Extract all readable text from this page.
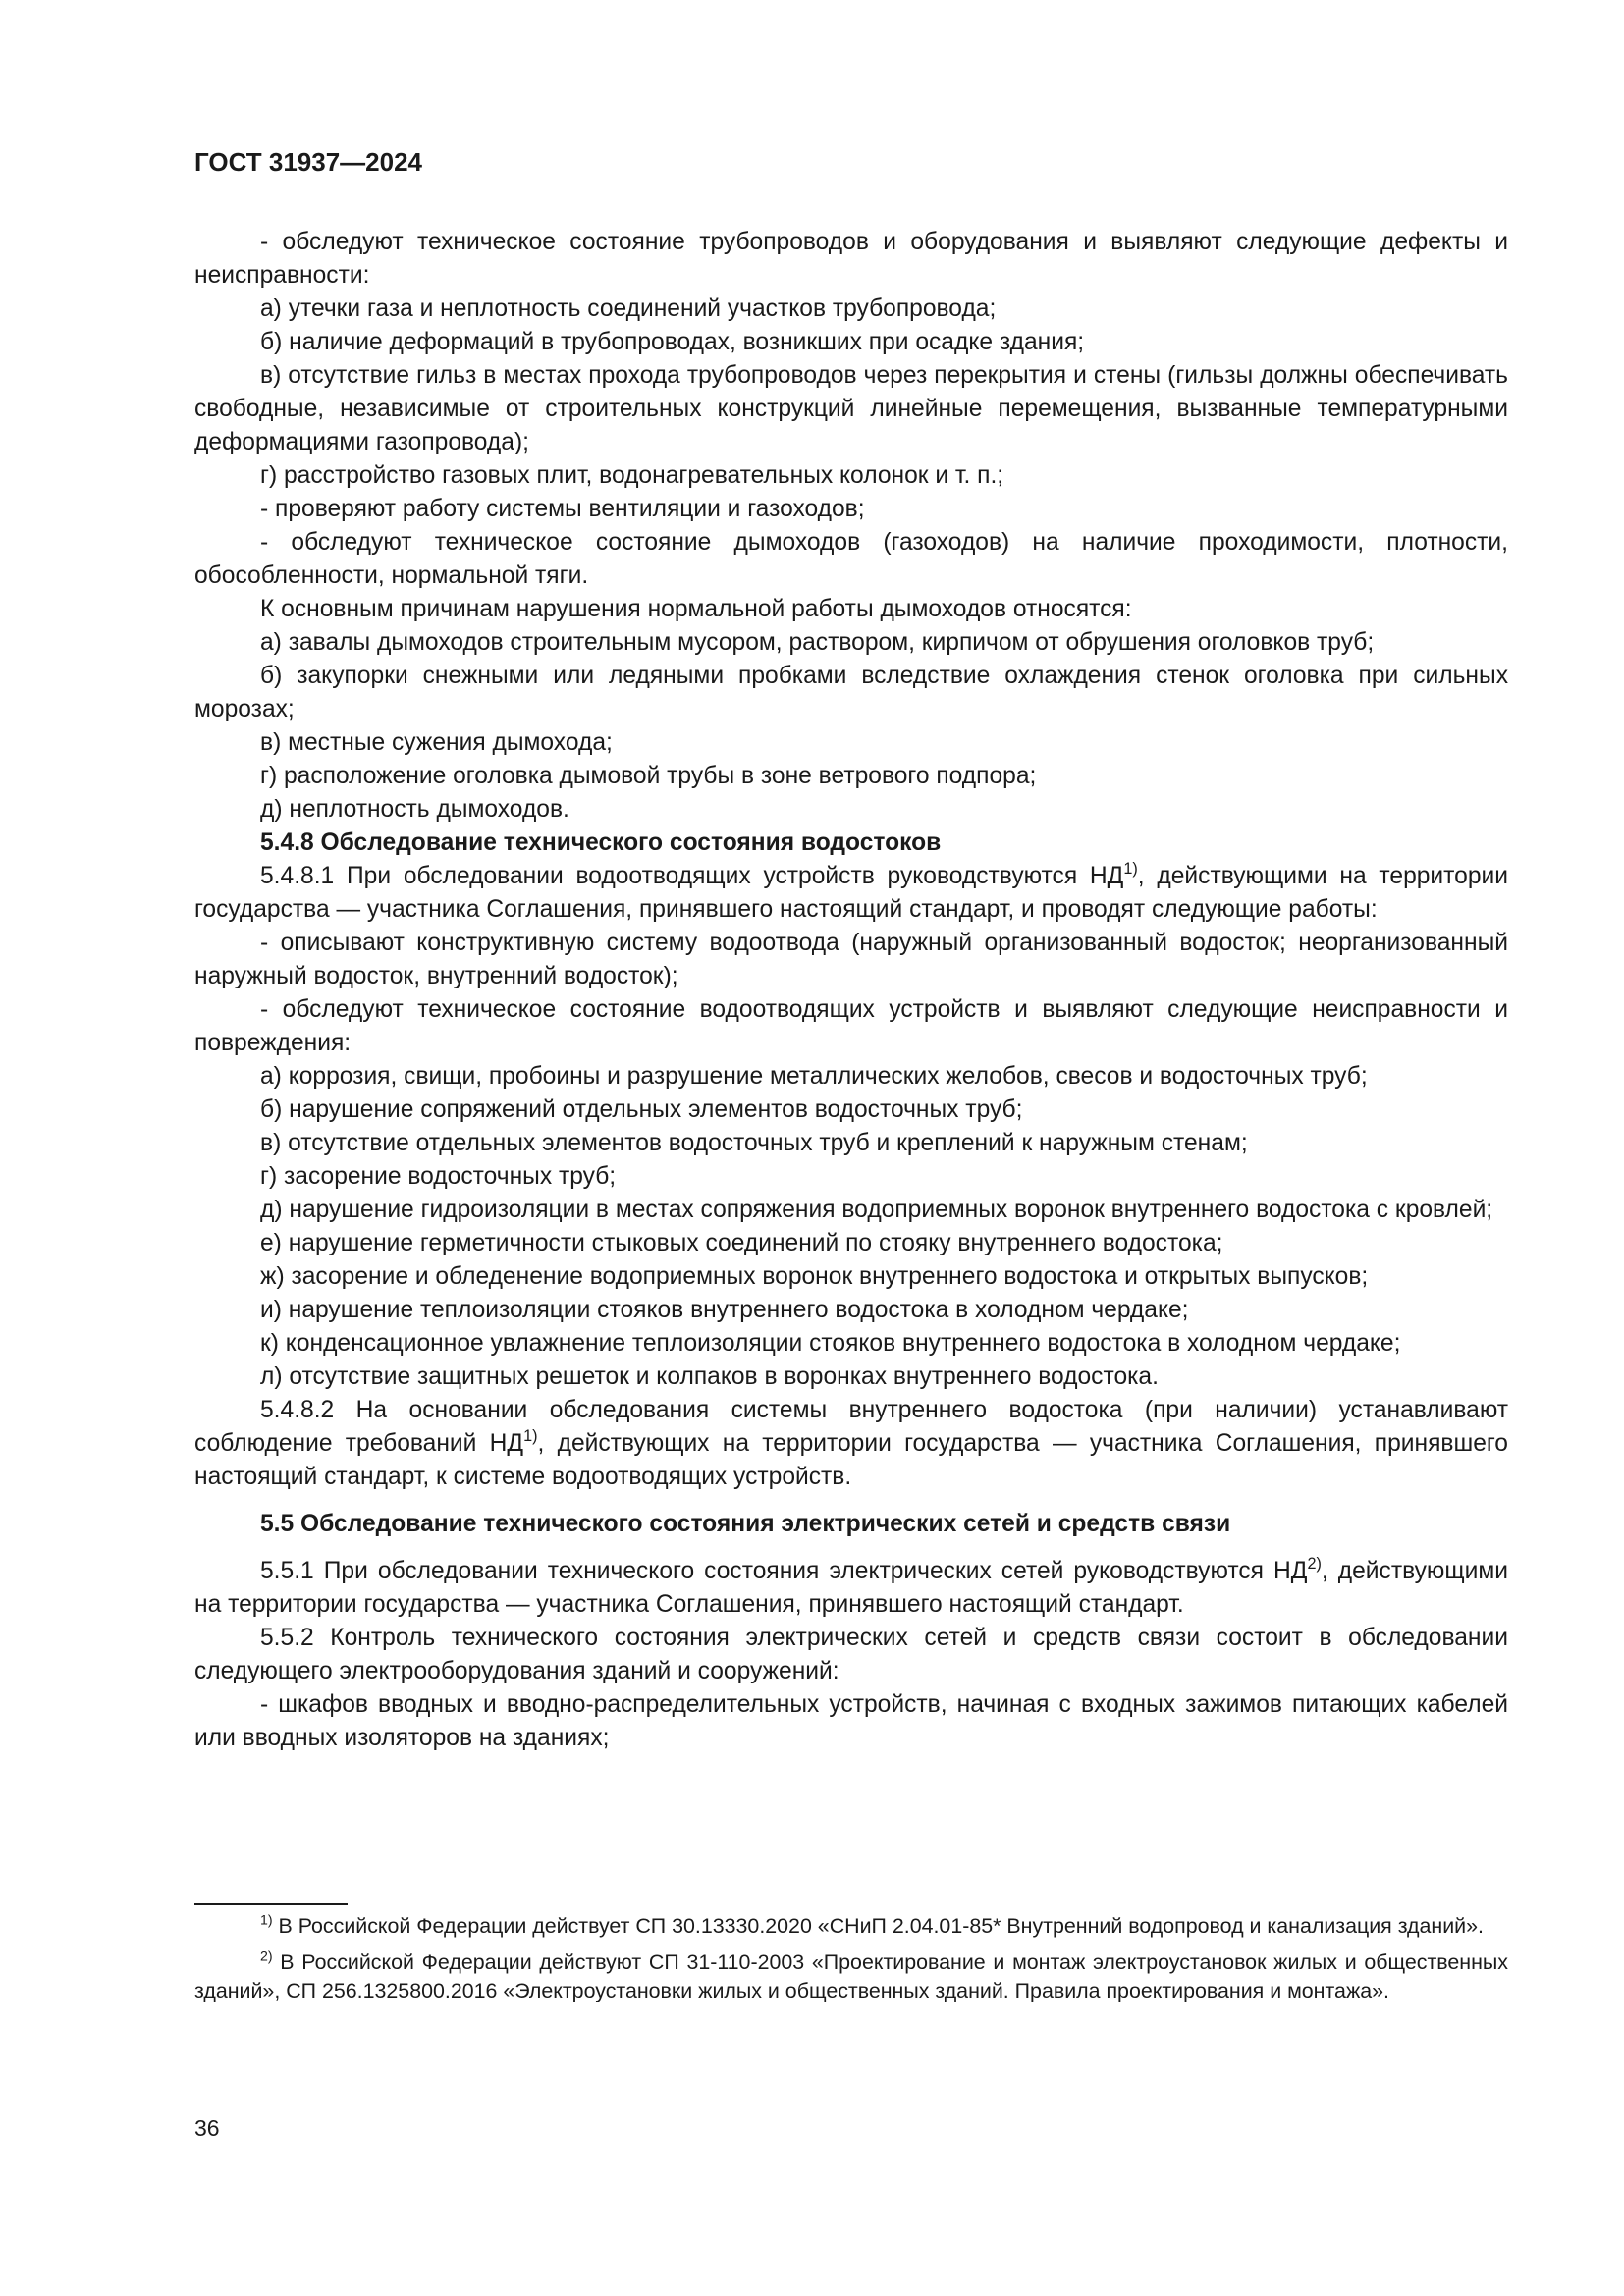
ГОСТ 31937—2024

- обследуют техническое состояние трубопроводов и оборудования и выявляют следующие дефекты и неисправности:

а) утечки газа и неплотность соединений участков трубопровода;

б) наличие деформаций в трубопроводах, возникших при осадке здания;

в) отсутствие гильз в местах прохода трубопроводов через перекрытия и стены (гильзы должны обеспечивать свободные, независимые от строительных конструкций линейные перемещения, вызванные температурными деформациями газопровода);

г) расстройство газовых плит, водонагревательных колонок и т. п.;

- проверяют работу системы вентиляции и газоходов;

- обследуют техническое состояние дымоходов (газоходов) на наличие проходимости, плотности, обособленности, нормальной тяги.

К основным причинам нарушения нормальной работы дымоходов относятся:

а) завалы дымоходов строительным мусором, раствором, кирпичом от обрушения оголовков труб;

б) закупорки снежными или ледяными пробками вследствие охлаждения стенок оголовка при сильных морозах;

в) местные сужения дымохода;

г) расположение оголовка дымовой трубы в зоне ветрового подпора;

д) неплотность дымоходов.

5.4.8 Обследование технического состояния водостоков

5.4.8.1 При обследовании водоотводящих устройств руководствуются НД$^{1)}$, действующими на территории государства — участника Соглашения, принявшего настоящий стандарт, и проводят следующие работы:

- описывают конструктивную систему водоотвода (наружный организованный водосток; неорганизованный наружный водосток, внутренний водосток);

- обследуют техническое состояние водоотводящих устройств и выявляют следующие неисправности и повреждения:

а) коррозия, свищи, пробоины и разрушение металлических желобов, свесов и водосточных труб;

б) нарушение сопряжений отдельных элементов водосточных труб;

в) отсутствие отдельных элементов водосточных труб и креплений к наружным стенам;

г) засорение водосточных труб;

д) нарушение гидроизоляции в местах сопряжения водоприемных воронок внутреннего водостока с кровлей;

е) нарушение герметичности стыковых соединений по стояку внутреннего водостока;

ж) засорение и обледенение водоприемных воронок внутреннего водостока и открытых выпусков;

и) нарушение теплоизоляции стояков внутреннего водостока в холодном чердаке;

к) конденсационное увлажнение теплоизоляции стояков внутреннего водостока в холодном чердаке;

л) отсутствие защитных решеток и колпаков в воронках внутреннего водостока.

5.4.8.2 На основании обследования системы внутреннего водостока (при наличии) устанавливают соблюдение требований НД$^{1)}$, действующих на территории государства — участника Соглашения, принявшего настоящий стандарт, к системе водоотводящих устройств.

5.5 Обследование технического состояния электрических сетей и средств связи

5.5.1 При обследовании технического состояния электрических сетей руководствуются НД$^{2)}$, действующими на территории государства — участника Соглашения, принявшего настоящий стандарт.

5.5.2 Контроль технического состояния электрических сетей и средств связи состоит в обследовании следующего электрооборудования зданий и сооружений:

- шкафов вводных и вводно-распределительных устройств, начиная с входных зажимов питающих кабелей или вводных изоляторов на зданиях;

$^{1)}$ В Российской Федерации действует СП 30.13330.2020 «СНиП 2.04.01-85* Внутренний водопровод и канализация зданий».

$^{2)}$ В Российской Федерации действуют СП 31-110-2003 «Проектирование и монтаж электроустановок жилых и общественных зданий», СП 256.1325800.2016 «Электроустановки жилых и общественных зданий. Правила проектирования и монтажа».

36
